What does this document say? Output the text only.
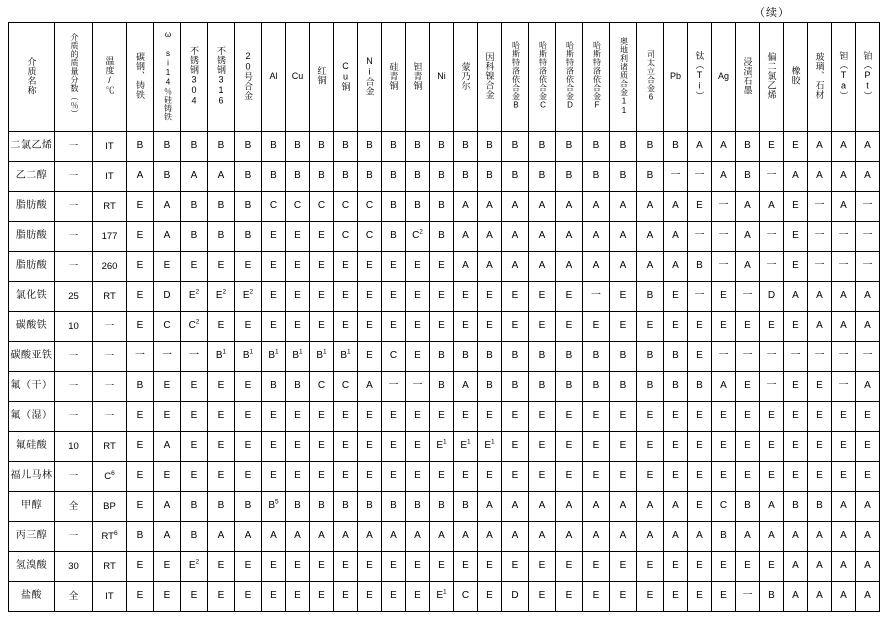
（续）
介质名称	介质的质量分数（％）	温度/℃	碳钢、铸铁	ω si14％硅铸铁	不锈钢304	不锈钢316	20号合金	Al	Cu	红铜	Cu铜	Ni合金	硅青铜	钽青铜	Ni	蒙乃尔	因科镍合金	哈斯特洛依合金B	哈斯特洛依合金C	哈斯特洛依合金D	哈斯特洛依合金F	奥地利诸质合金11	司太立合金6	Pb	钛（Ti）	Ag	浸渍石墨	偏二氯乙烯	橡胶	玻璃、石材	钽（Ta）	铂（Pt）
二氯乙烯	一	IT	B	B	B	B	B	B	B	B	B	B	B	B	B	B	B	B	B	B	B	B	B	B	A	A	B	E	E	A	A	A
乙二醇	一	IT	A	B	A	A	B	B	B	B	B	B	B	B	B	B	B	B	B	B	B	B	B	一	一	A	B	一	A	A	A	A
脂肪酸	一	RT	E	A	B	B	B	C	C	C	C	C	B	B	B	A	A	A	A	A	A	A	A	A	E	一	A	A	E	一	A	一
脂肪酸	一	177	E	A	B	B	B	E	E	E	C	C	B	$C^2$	B	A	A	A	A	A	A	A	A	A	一	一	A	一	E	一	一	一
脂肪酸	一	260	E	E	E	E	E	E	E	E	E	E	E	E	E	A	A	A	A	A	A	A	A	A	B	一	A	一	E	一	一	一
氯化铁	25	RT	E	D	$E^2$	$E^2$	$E^2$	E	E	E	E	E	E	E	E	E	E	E	E	E	一	E	B	E	一	E	一	D	A	A	A	A
碳酸铁	10	一	E	C	$C^2$	E	E	E	E	E	E	E	E	E	E	E	E	E	E	E	E	E	E	E	E	E	E	E	E	A	A	A
碳酸亚铁	一	一	一	一	一	$B^1$	$B^1$	$B^1$	$B^1$	$B^1$	$B^1$	E	C	E	B	B	B	B	B	B	B	B	B	B	E	一	一	一	一	一	一	一
氟（干）	一	一	B	E	E	E	E	B	B	C	C	A	一	一	B	A	B	B	B	B	B	B	B	B	B	A	E	一	E	E	一	A
氟（湿）	一	一	E	E	E	E	E	E	E	E	E	E	E	E	E	E	E	E	E	E	E	E	E	E	E	E	E	E	E	E	E	E
氟硅酸	10	RT	E	A	E	E	E	E	E	E	E	E	E	E	$E^1$	$E^1$	$E^1$	E	E	E	E	E	E	E	E	E	E	E	E	E	E	E
福儿马林	一	$C^6$	E	E	E	E	E	E	E	E	E	E	E	E	E	E	E	E	E	E	E	E	E	E	E	E	E	E	E	E	E	E
甲醇	全	BP	E	A	B	B	B	$B^5$	B	B	B	B	B	B	B	B	A	A	A	A	A	A	A	A	E	C	B	A	B	B	A	A
丙三醇	一	$RT^6$	B	A	B	A	A	A	A	A	A	A	A	A	A	A	A	A	A	A	A	A	A	A	A	B	A	A	A	A	A	A
氢溴酸	30	RT	E	E	$E^2$	E	E	E	E	E	E	E	E	E	E	E	E	E	E	E	E	E	E	E	E	E	E	E	A	A	A	A
盐酸	全	IT	E	E	E	E	E	E	E	E	E	E	E	E	$E^1$	C	E	D	E	E	E	E	E	E	E	E	一	B	A	A	A	A
